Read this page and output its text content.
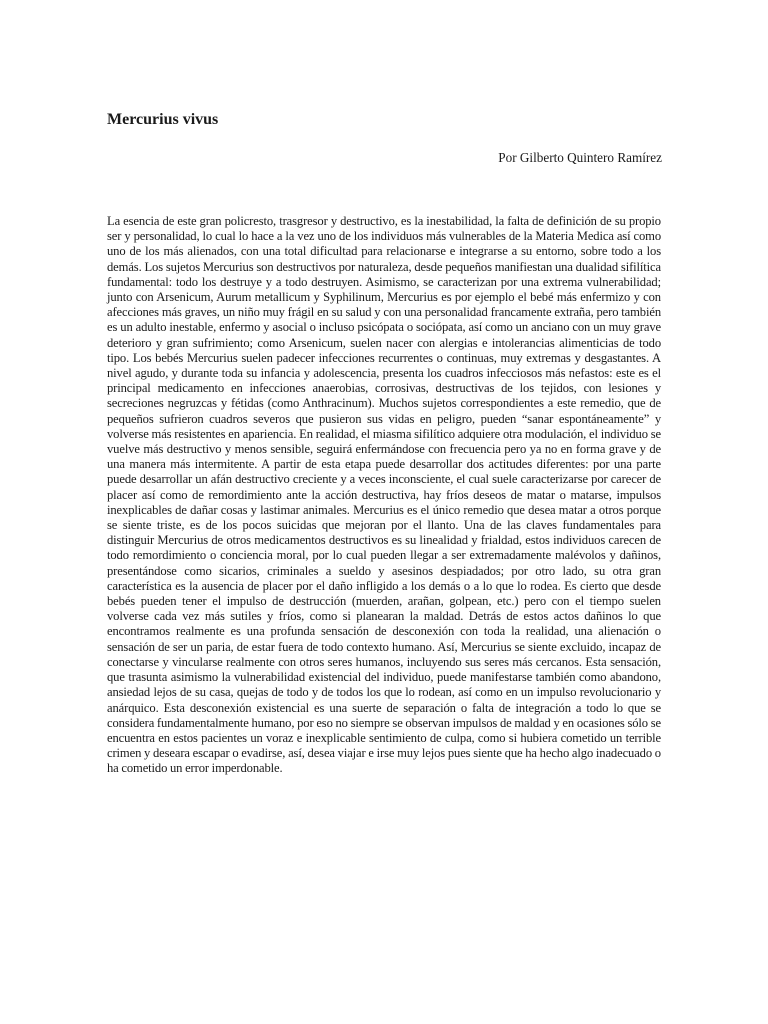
Mercurius vivus

Por Gilberto Quintero Ramírez

La esencia de este gran policresto, trasgresor y destructivo, es la inestabilidad, la falta de definición de su propio ser y personalidad, lo cual lo hace a la vez uno de los individuos más vulnerables de la Materia Medica así como uno de los más alienados, con una total dificultad para relacionarse e integrarse a su entorno, sobre todo a los demás. Los sujetos Mercurius son destructivos por naturaleza, desde pequeños manifiestan una dualidad sifilítica fundamental: todo los destruye y a todo destruyen. Asimismo, se caracterizan por una extrema vulnerabilidad; junto con Arsenicum, Aurum metallicum y Syphilinum, Mercurius es por ejemplo el bebé más enfermizo y con afecciones más graves, un niño muy frágil en su salud y con una personalidad francamente extraña, pero también es un adulto inestable, enfermo y asocial o incluso psicópata o sociópata, así como un anciano con un muy grave deterioro y gran sufrimiento; como Arsenicum, suelen nacer con alergias e intolerancias alimenticias de todo tipo. Los bebés Mercurius suelen padecer infecciones recurrentes o continuas, muy extremas y desgastantes. A nivel agudo, y durante toda su infancia y adolescencia, presenta los cuadros infecciosos más nefastos: este es el principal medicamento en infecciones anaerobias, corrosivas, destructivas de los tejidos, con lesiones y secreciones negruzcas y fétidas (como Anthracinum). Muchos sujetos correspondientes a este remedio, que de pequeños sufrieron cuadros severos que pusieron sus vidas en peligro, pueden “sanar espontáneamente” y volverse más resistentes en apariencia. En realidad, el miasma sifilítico adquiere otra modulación, el individuo se vuelve más destructivo y menos sensible, seguirá enfermándose con frecuencia pero ya no en forma grave y de una manera más intermitente. A partir de esta etapa puede desarrollar dos actitudes diferentes: por una parte puede desarrollar un afán destructivo creciente y a veces inconsciente, el cual suele caracterizarse por carecer de placer así como de remordimiento ante la acción destructiva, hay fríos deseos de matar o matarse, impulsos inexplicables de dañar cosas y lastimar animales. Mercurius es el único remedio que desea matar a otros porque se siente triste, es de los pocos suicidas que mejoran por el llanto. Una de las claves fundamentales para distinguir Mercurius de otros medicamentos destructivos es su linealidad y frialdad, estos individuos carecen de todo remordimiento o conciencia moral, por lo cual pueden llegar a ser extremadamente malévolos y dañinos, presentándose como sicarios, criminales a sueldo y asesinos despiadados; por otro lado, su otra gran característica es la ausencia de placer por el daño infligido a los demás o a lo que lo rodea. Es cierto que desde bebés pueden tener el impulso de destrucción (muerden, arañan, golpean, etc.) pero con el tiempo suelen volverse cada vez más sutiles y fríos, como si planearan la maldad. Detrás de estos actos dañinos lo que encontramos realmente es una profunda sensación de desconexión con toda la realidad, una alienación o sensación de ser un paria, de estar fuera de todo contexto humano. Así, Mercurius se siente excluido, incapaz de conectarse y vincularse realmente con otros seres humanos, incluyendo sus seres más cercanos. Esta sensación, que trasunta asimismo la vulnerabilidad existencial del individuo, puede manifestarse también como abandono, ansiedad lejos de su casa, quejas de todo y de todos los que lo rodean, así como en un impulso revolucionario y anárquico. Esta desconexión existencial es una suerte de separación o falta de integración a todo lo que se considera fundamentalmente humano, por eso no siempre se observan impulsos de maldad y en ocasiones sólo se encuentra en estos pacientes un voraz e inexplicable sentimiento de culpa, como si hubiera cometido un terrible crimen y deseara escapar o evadirse, así, desea viajar e irse muy lejos pues siente que ha hecho algo inadecuado o ha cometido un error imperdonable.
